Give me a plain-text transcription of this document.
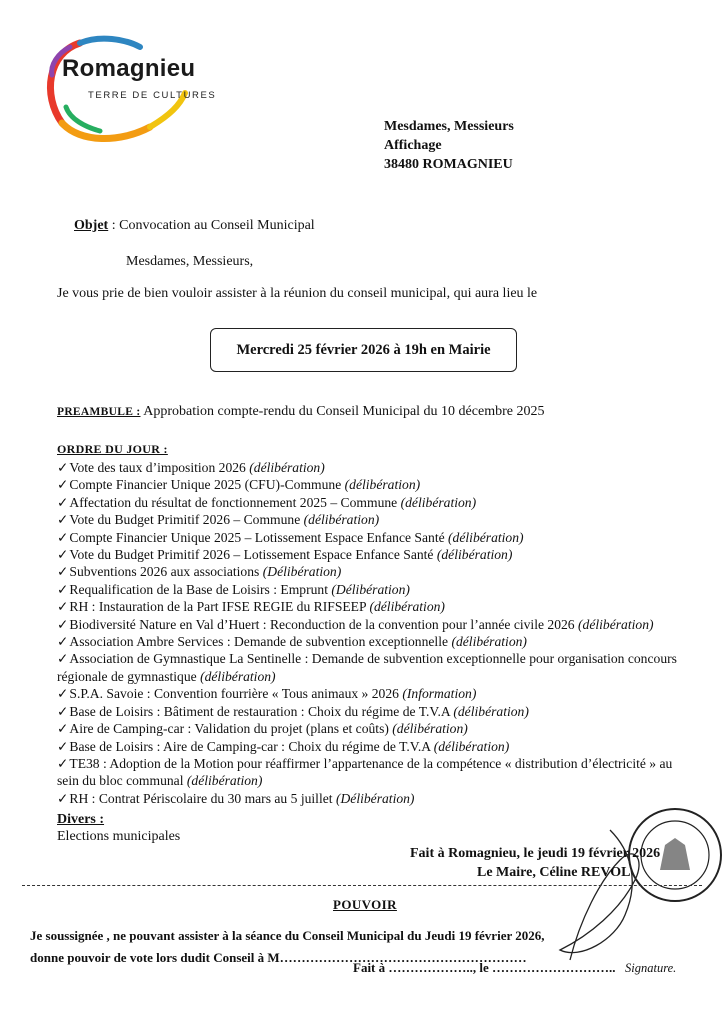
Romagnieu
TERRE DE CULTURES
Mesdames, Messieurs
Affichage
38480 ROMAGNIEU
Objet : Convocation au Conseil Municipal
Mesdames, Messieurs,
Je vous prie de bien vouloir assister à la réunion du conseil municipal, qui aura lieu le
Mercredi 25 février 2026 à 19h en Mairie
PREAMBULE : Approbation compte-rendu du Conseil Municipal du 10 décembre 2025
ORDRE DU JOUR :
✓Vote des taux d’imposition 2026 (délibération)
✓Compte Financier Unique 2025 (CFU)-Commune (délibération)
✓Affectation du résultat de fonctionnement 2025 – Commune (délibération)
✓Vote du Budget Primitif 2026 – Commune (délibération)
✓Compte Financier Unique 2025 – Lotissement Espace Enfance Santé (délibération)
✓Vote du Budget Primitif 2026 – Lotissement Espace Enfance Santé (délibération)
✓Subventions 2026 aux associations (Délibération)
✓Requalification de la Base de Loisirs : Emprunt (Délibération)
✓RH : Instauration de la Part IFSE REGIE du RIFSEEP (délibération)
✓Biodiversité Nature en Val d’Huert : Reconduction de la convention pour l’année civile 2026 (délibération)
✓Association Ambre Services : Demande de subvention exceptionnelle (délibération)
✓Association de Gymnastique La Sentinelle : Demande de subvention exceptionnelle pour organisation concours régionale de gymnastique (délibération)
✓S.P.A. Savoie : Convention fourrière « Tous animaux » 2026 (Information)
✓Base de Loisirs : Bâtiment de restauration : Choix du régime de T.V.A (délibération)
✓Aire de Camping-car : Validation du projet (plans et coûts) (délibération)
✓Base de Loisirs : Aire de Camping-car : Choix du régime de T.V.A (délibération)
✓TE38 : Adoption de la Motion pour réaffirmer l’appartenance de la compétence « distribution d’électricité » au sein du bloc communal (délibération)
✓RH : Contrat Périscolaire du 30 mars au 5 juillet (Délibération)
Divers :
Elections municipales
Fait à Romagnieu, le jeudi 19 février 2026
Le Maire, Céline REVOL
POUVOIR
Je soussignée , ne pouvant assister à la séance du Conseil Municipal du Jeudi 19 février 2026,
donne pouvoir de vote lors dudit Conseil à M…………………………………………………
Fait à ……………….., le ……………………….. Signature.
